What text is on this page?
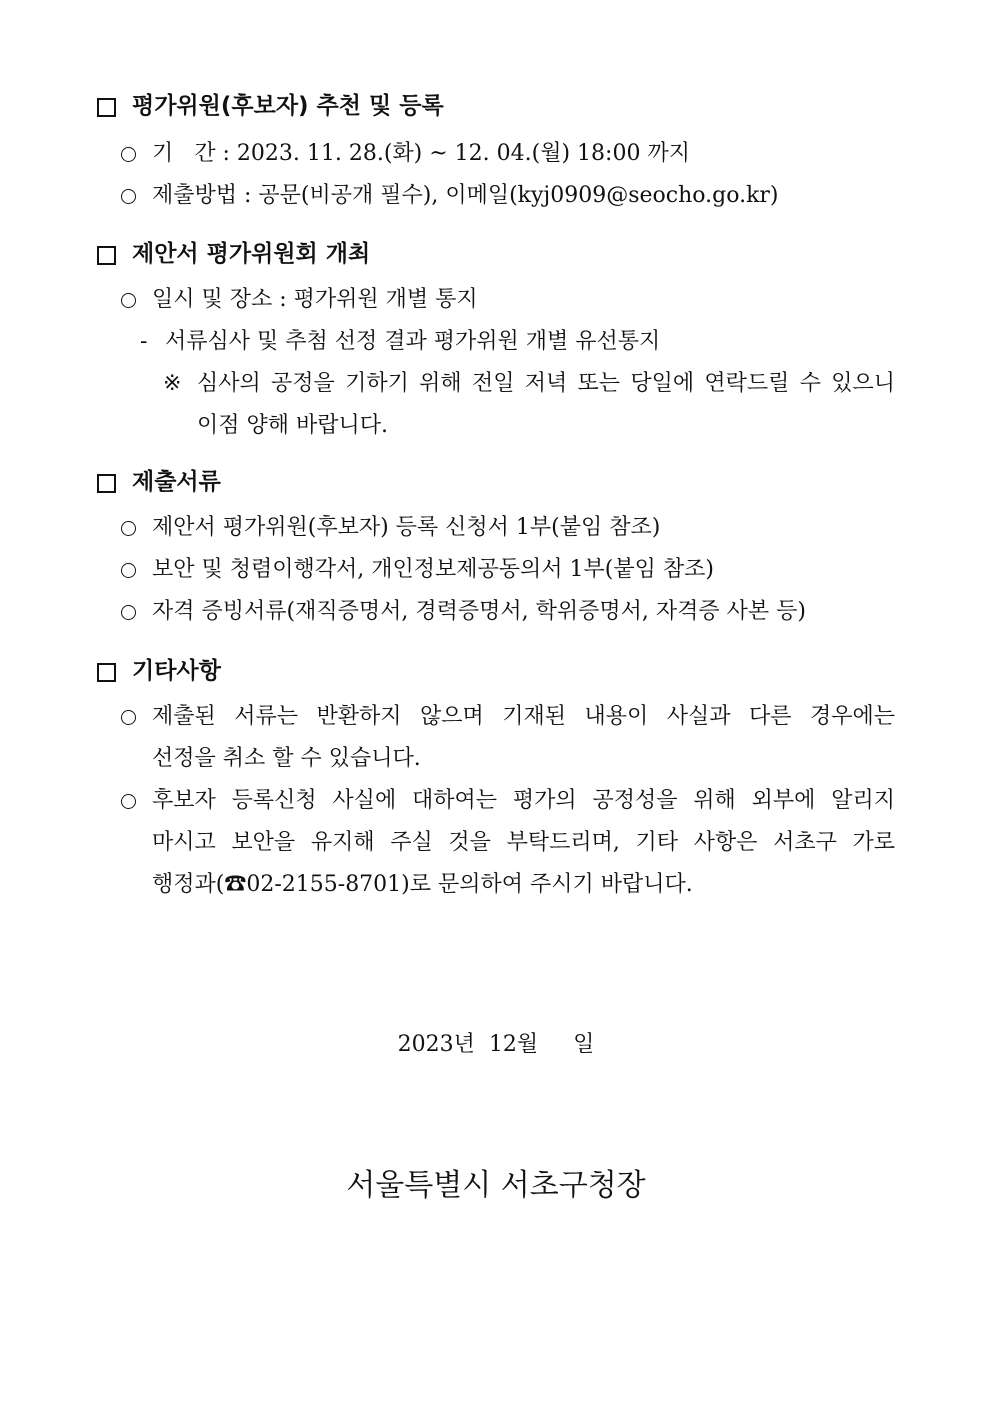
평가위원(후보자) 추천 및 등록
기   간 : 2023. 11. 28.(화) ~ 12. 04.(월) 18:00 까지
제출방법 : 공문(비공개 필수), 이메일(kyj0909@seocho.go.kr)
제안서 평가위원회 개최
일시 및 장소 : 평가위원 개별 통지
- 서류심사 및 추첨 선정 결과 평가위원 개별 유선통지
※ 심사의 공정을 기하기 위해 전일 저녁 또는 당일에 연락드릴 수 있으니
이점 양해 바랍니다.
제출서류
제안서 평가위원(후보자) 등록 신청서 1부(붙임 참조)
보안 및 청렴이행각서, 개인정보제공동의서 1부(붙임 참조)
자격 증빙서류(재직증명서, 경력증명서, 학위증명서, 자격증 사본 등)
기타사항
제출된 서류는 반환하지 않으며 기재된 내용이 사실과 다른 경우에는
선정을 취소 할 수 있습니다.
후보자 등록신청 사실에 대하여는 평가의 공정성을 위해 외부에 알리지
마시고 보안을 유지해 주실 것을 부탁드리며, 기타 사항은 서초구 가로
행정과(☎02-2155-8701)로 문의하여 주시기 바랍니다.
2023년  12월     일
서울특별시 서초구청장
